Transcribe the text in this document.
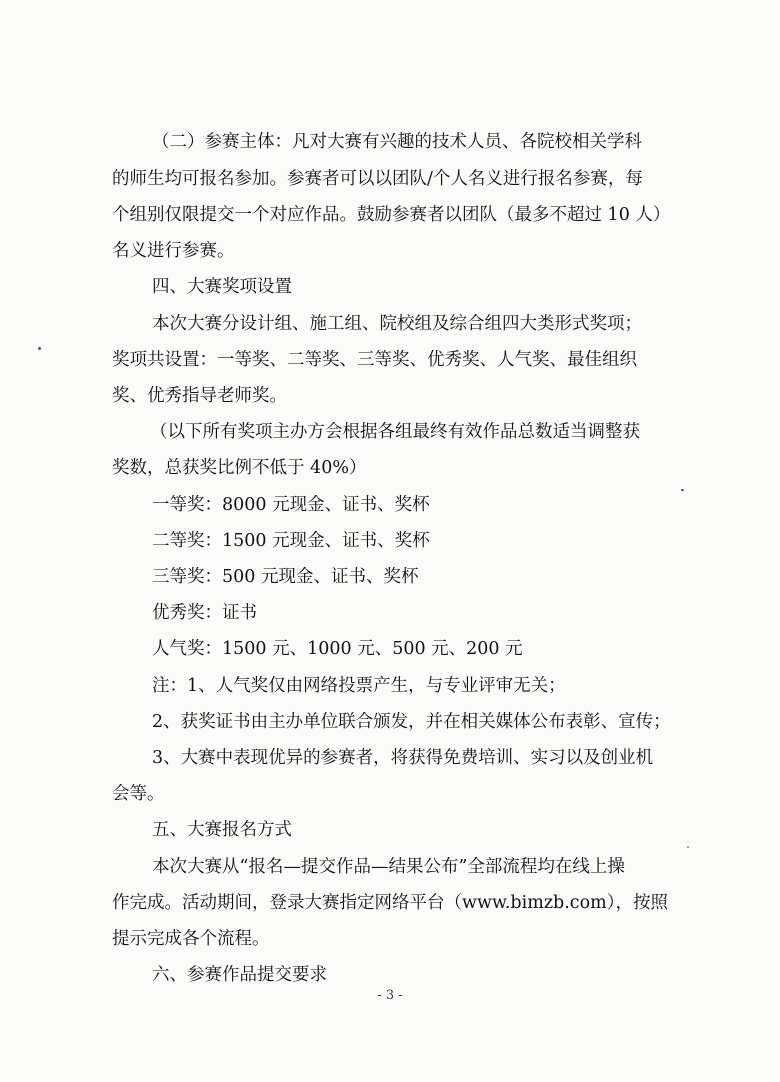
（二）参赛主体：凡对大赛有兴趣的技术人员、各院校相关学科
的师生均可报名参加。参赛者可以以团队/个人名义进行报名参赛，每
个组别仅限提交一个对应作品。鼓励参赛者以团队（最多不超过 10 人）
名义进行参赛。
四、大赛奖项设置
本次大赛分设计组、施工组、院校组及综合组四大类形式奖项；
奖项共设置：一等奖、二等奖、三等奖、优秀奖、人气奖、最佳组织
奖、优秀指导老师奖。
（以下所有奖项主办方会根据各组最终有效作品总数适当调整获
奖数，总获奖比例不低于 40%）
一等奖：8000 元现金、证书、奖杯
二等奖：1500 元现金、证书、奖杯
三等奖：500 元现金、证书、奖杯
优秀奖：证书
人气奖：1500 元、1000 元、500 元、200 元
注：1、人气奖仅由网络投票产生，与专业评审无关；
2、获奖证书由主办单位联合颁发，并在相关媒体公布表彰、宣传；
3、大赛中表现优异的参赛者，将获得免费培训、实习以及创业机
会等。
五、大赛报名方式
本次大赛从“报名—提交作品—结果公布”全部流程均在线上操
作完成。活动期间，登录大赛指定网络平台（www.bimzb.com），按照
提示完成各个流程。
六、参赛作品提交要求
- 3 -
